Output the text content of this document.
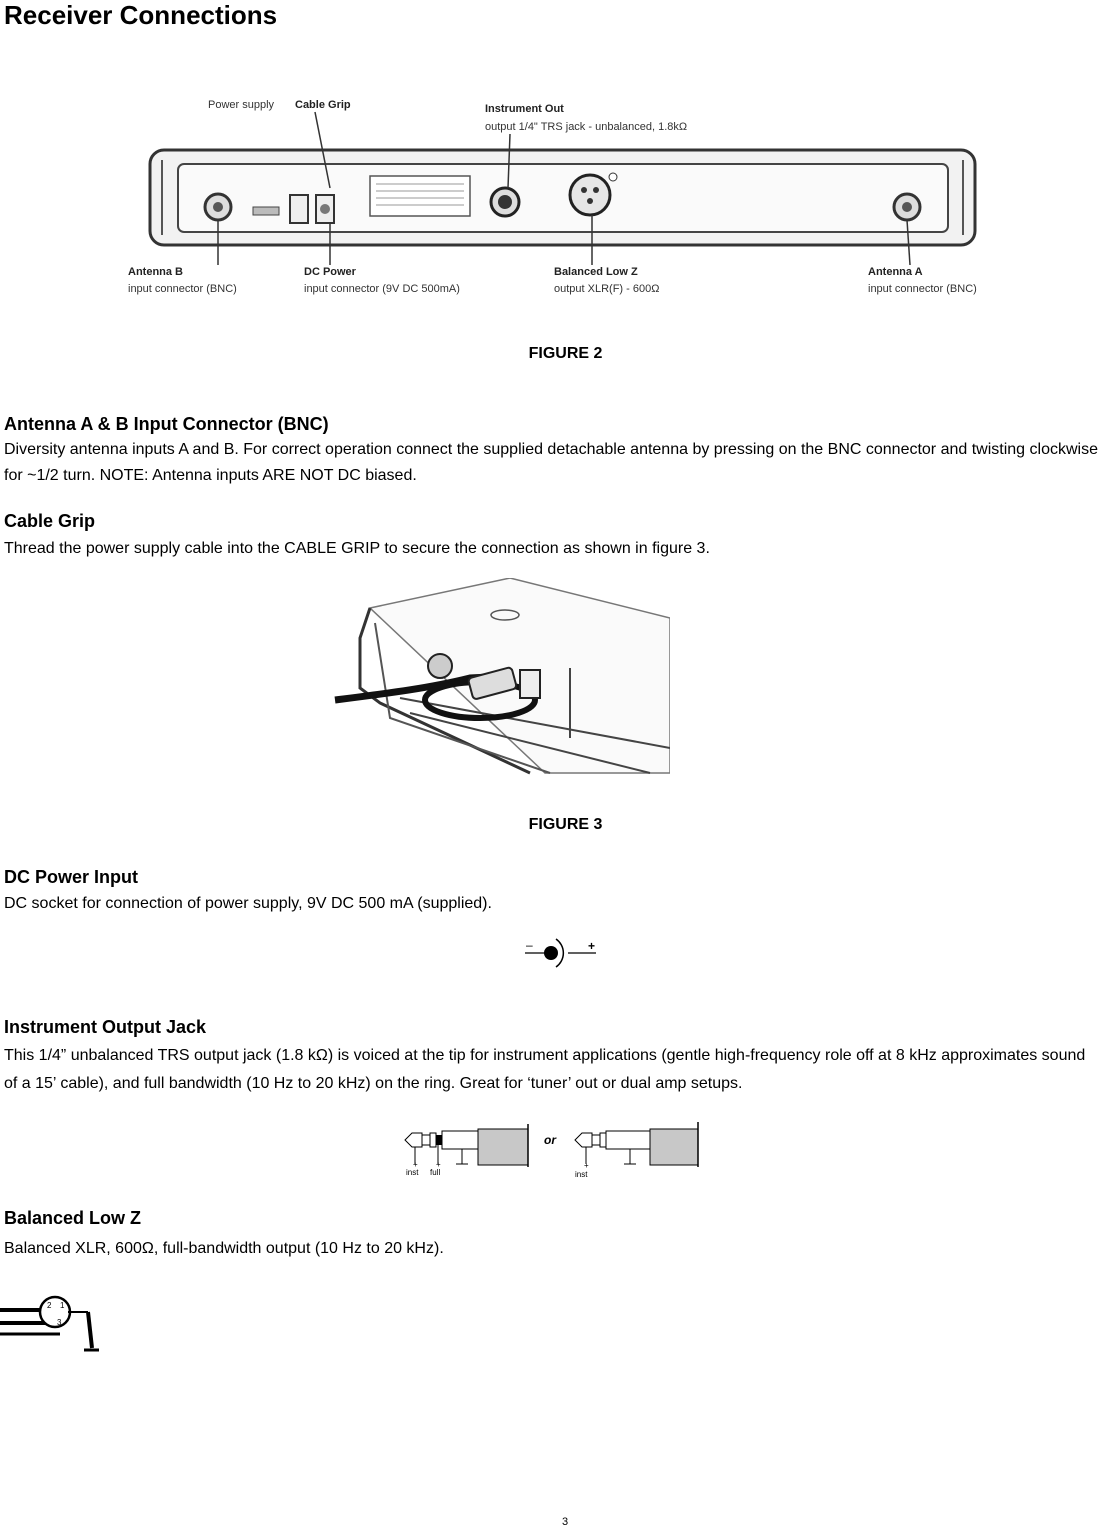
Receiver Connections
Power supply Cable Grip	Instrument Out
output 1/4" TRS jack - unbalanced, 1.8kΩ
Antenna B
input connector (BNC)
DC Power
input connector (9V DC 500mA)
Balanced Low Z
output XLR(F) - 600Ω
Antenna A
input connector (BNC)
FIGURE 2
Antenna A & B Input Connector (BNC)
Diversity antenna inputs A and B. For correct operation connect the supplied detachable antenna by pressing on the BNC connector and twisting clockwise for ~1/2 turn. NOTE: Antenna inputs ARE NOT DC biased.
Cable Grip
Thread the power supply cable into the CABLE GRIP to secure the connection as shown in figure 3.
FIGURE 3
DC Power Input
DC socket for connection of power supply, 9V DC 500 mA (supplied).
–	+
Instrument Output Jack
This 1/4” unbalanced TRS output jack (1.8 kΩ) is voiced at the tip for instrument applications (gentle high-frequency role off at 8 kHz approximates sound of a 15’ cable), and full bandwidth (10 Hz to 20 kHz) on the ring. Great for ‘tuner’ out or dual amp setups.
+ +
inst full
or
+
inst
Balanced Low Z
Balanced XLR, 600Ω, full-bandwidth output (10 Hz to 20 kHz).
2 1
3
3
